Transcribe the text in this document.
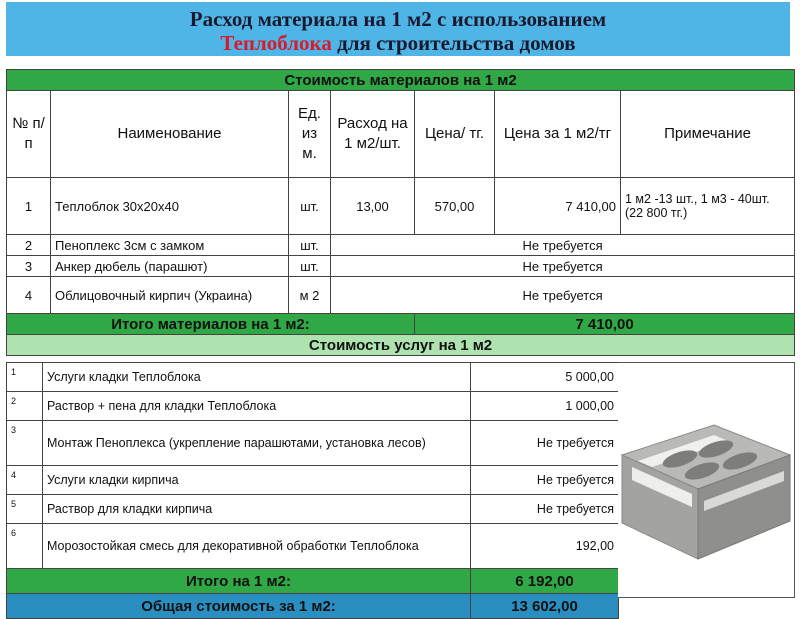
Расход материала на 1 м2 с использованием
Теплоблока для строительства домов
Стоимость материалов на 1 м2						
№ п/п	Наименование	Ед. из м.	Расход на 1 м2/шт.	Цена/ тг.	Цена за 1 м2/тг	Примечание
1	Теплоблок 30х20х40	шт.	13,00	570,00	7 410,00	1 м2 -13 шт., 1 м3 - 40шт. (22 800 тг.)
2	Пеноплекс 3см с замком	шт.	Не требуется			
3	Анкер дюбель (парашют)	шт.	Не требуется			
4	Облицовочный кирпич (Украина)	м 2	Не требуется			
Итого материалов на 1 м2:				7 410,00		
Стоимость услуг на 1 м2						
1	Услуги кладки Теплоблока	5 000,00
2	Раствор + пена для кладки Теплоблока	1 000,00
3	Монтаж Пеноплекса (укрепление парашютами, установка лесов)	Не требуется
4	Услуги кладки кирпича	Не требуется
5	Раствор для кладки кирпича	Не требуется
6	Морозостойкая смесь для декоративной обработки Теплоблока	192,00
Итого на 1 м2:		6 192,00
Общая стоимость за 1 м2:		13 602,00
